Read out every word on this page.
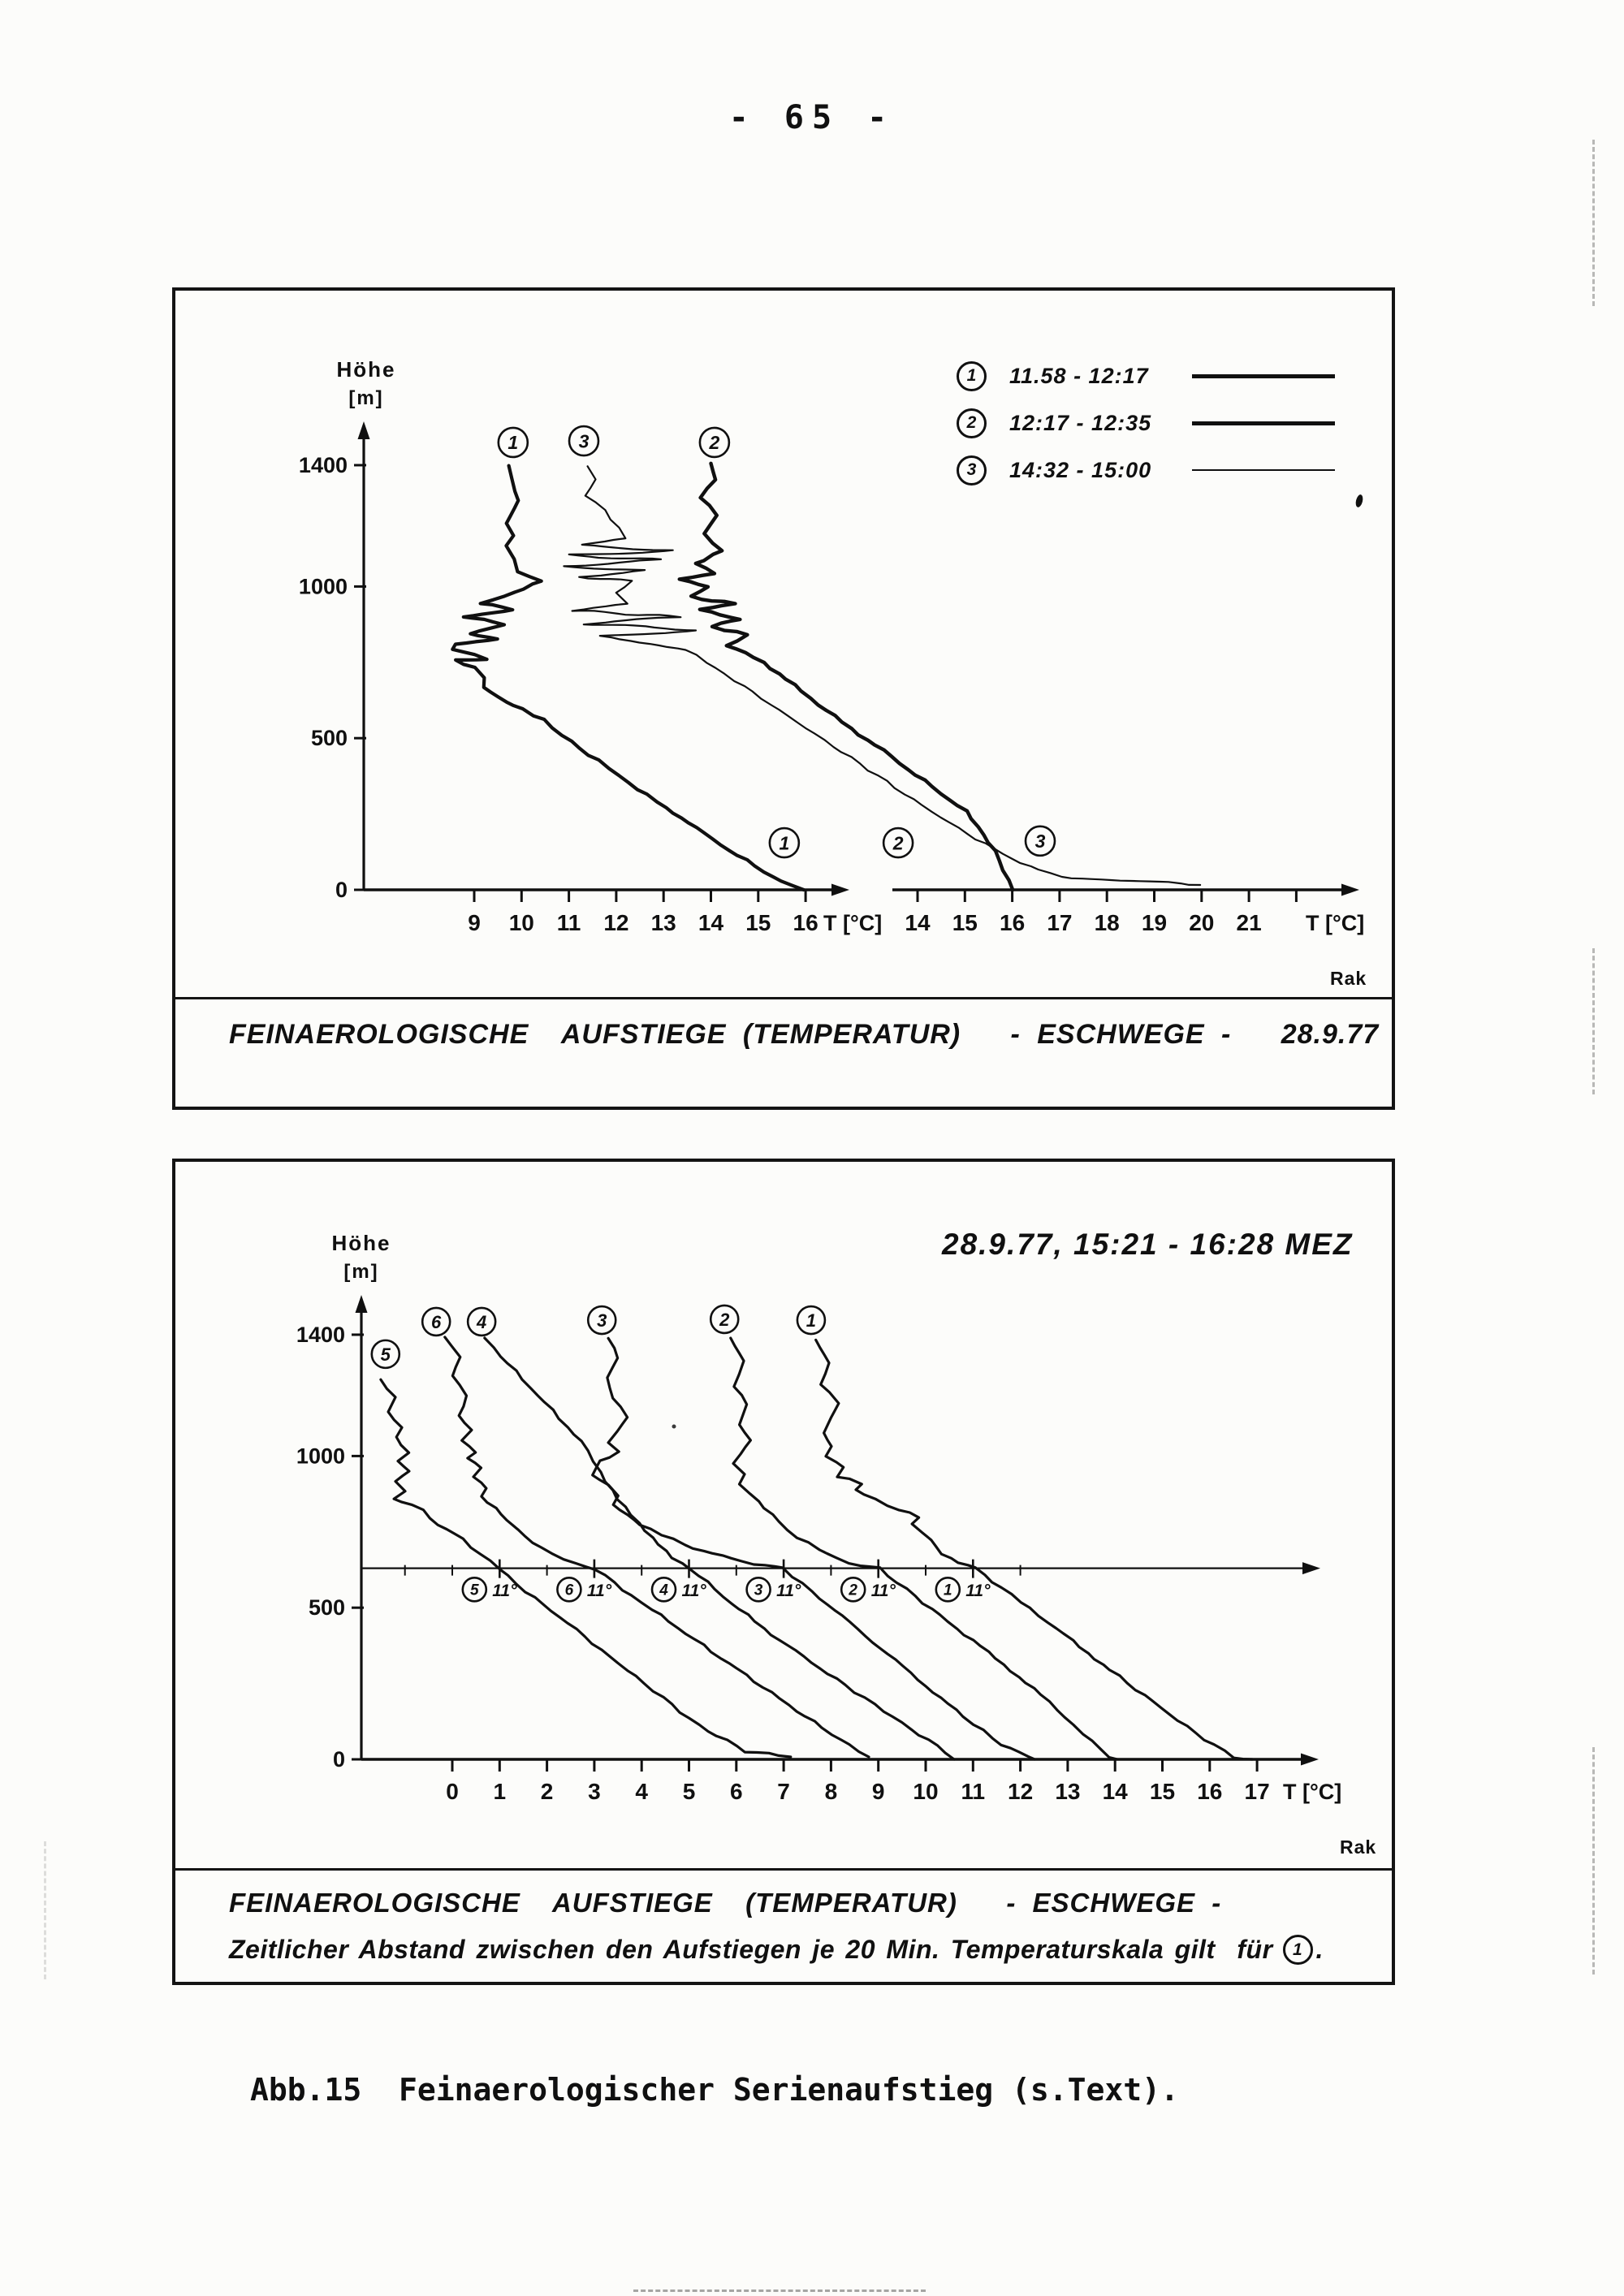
- 65 -
Höhe
[m]
1	11.58 - 12:17
2	12:17 - 12:35
3	14:32 - 15:00
Rak
FEINAEROLOGISCHE  AUFSTIEGE (TEMPERATUR)   - ESCHWEGE -   28.9.77
1400
1000
500
0
9 10 11 12 13 14 15 16 T [°C] 14 15 16 17 18 19 20 21 T [°C]
1	3	2
1	2	3
Höhe
[m]
28.9.77, 15:21 - 16:28 MEZ
Rak
FEINAEROLOGISCHE  AUFSTIEGE  (TEMPERATUR)   - ESCHWEGE -
Zeitlicher Abstand zwischen den Aufstiegen je 20 Min. Temperaturskala gilt  für	1 .
1400
1000
500
0
0 1 2 3 4 5 6 7 8 9 10 11 12 13 14 15 16 17 T [°C]
5 11°	6 11°	4 11°	3 11°	2 11°	1 11°
5
6 4	3	2	1
Abb.15  Feinaerologischer Serienaufstieg (s.Text).
